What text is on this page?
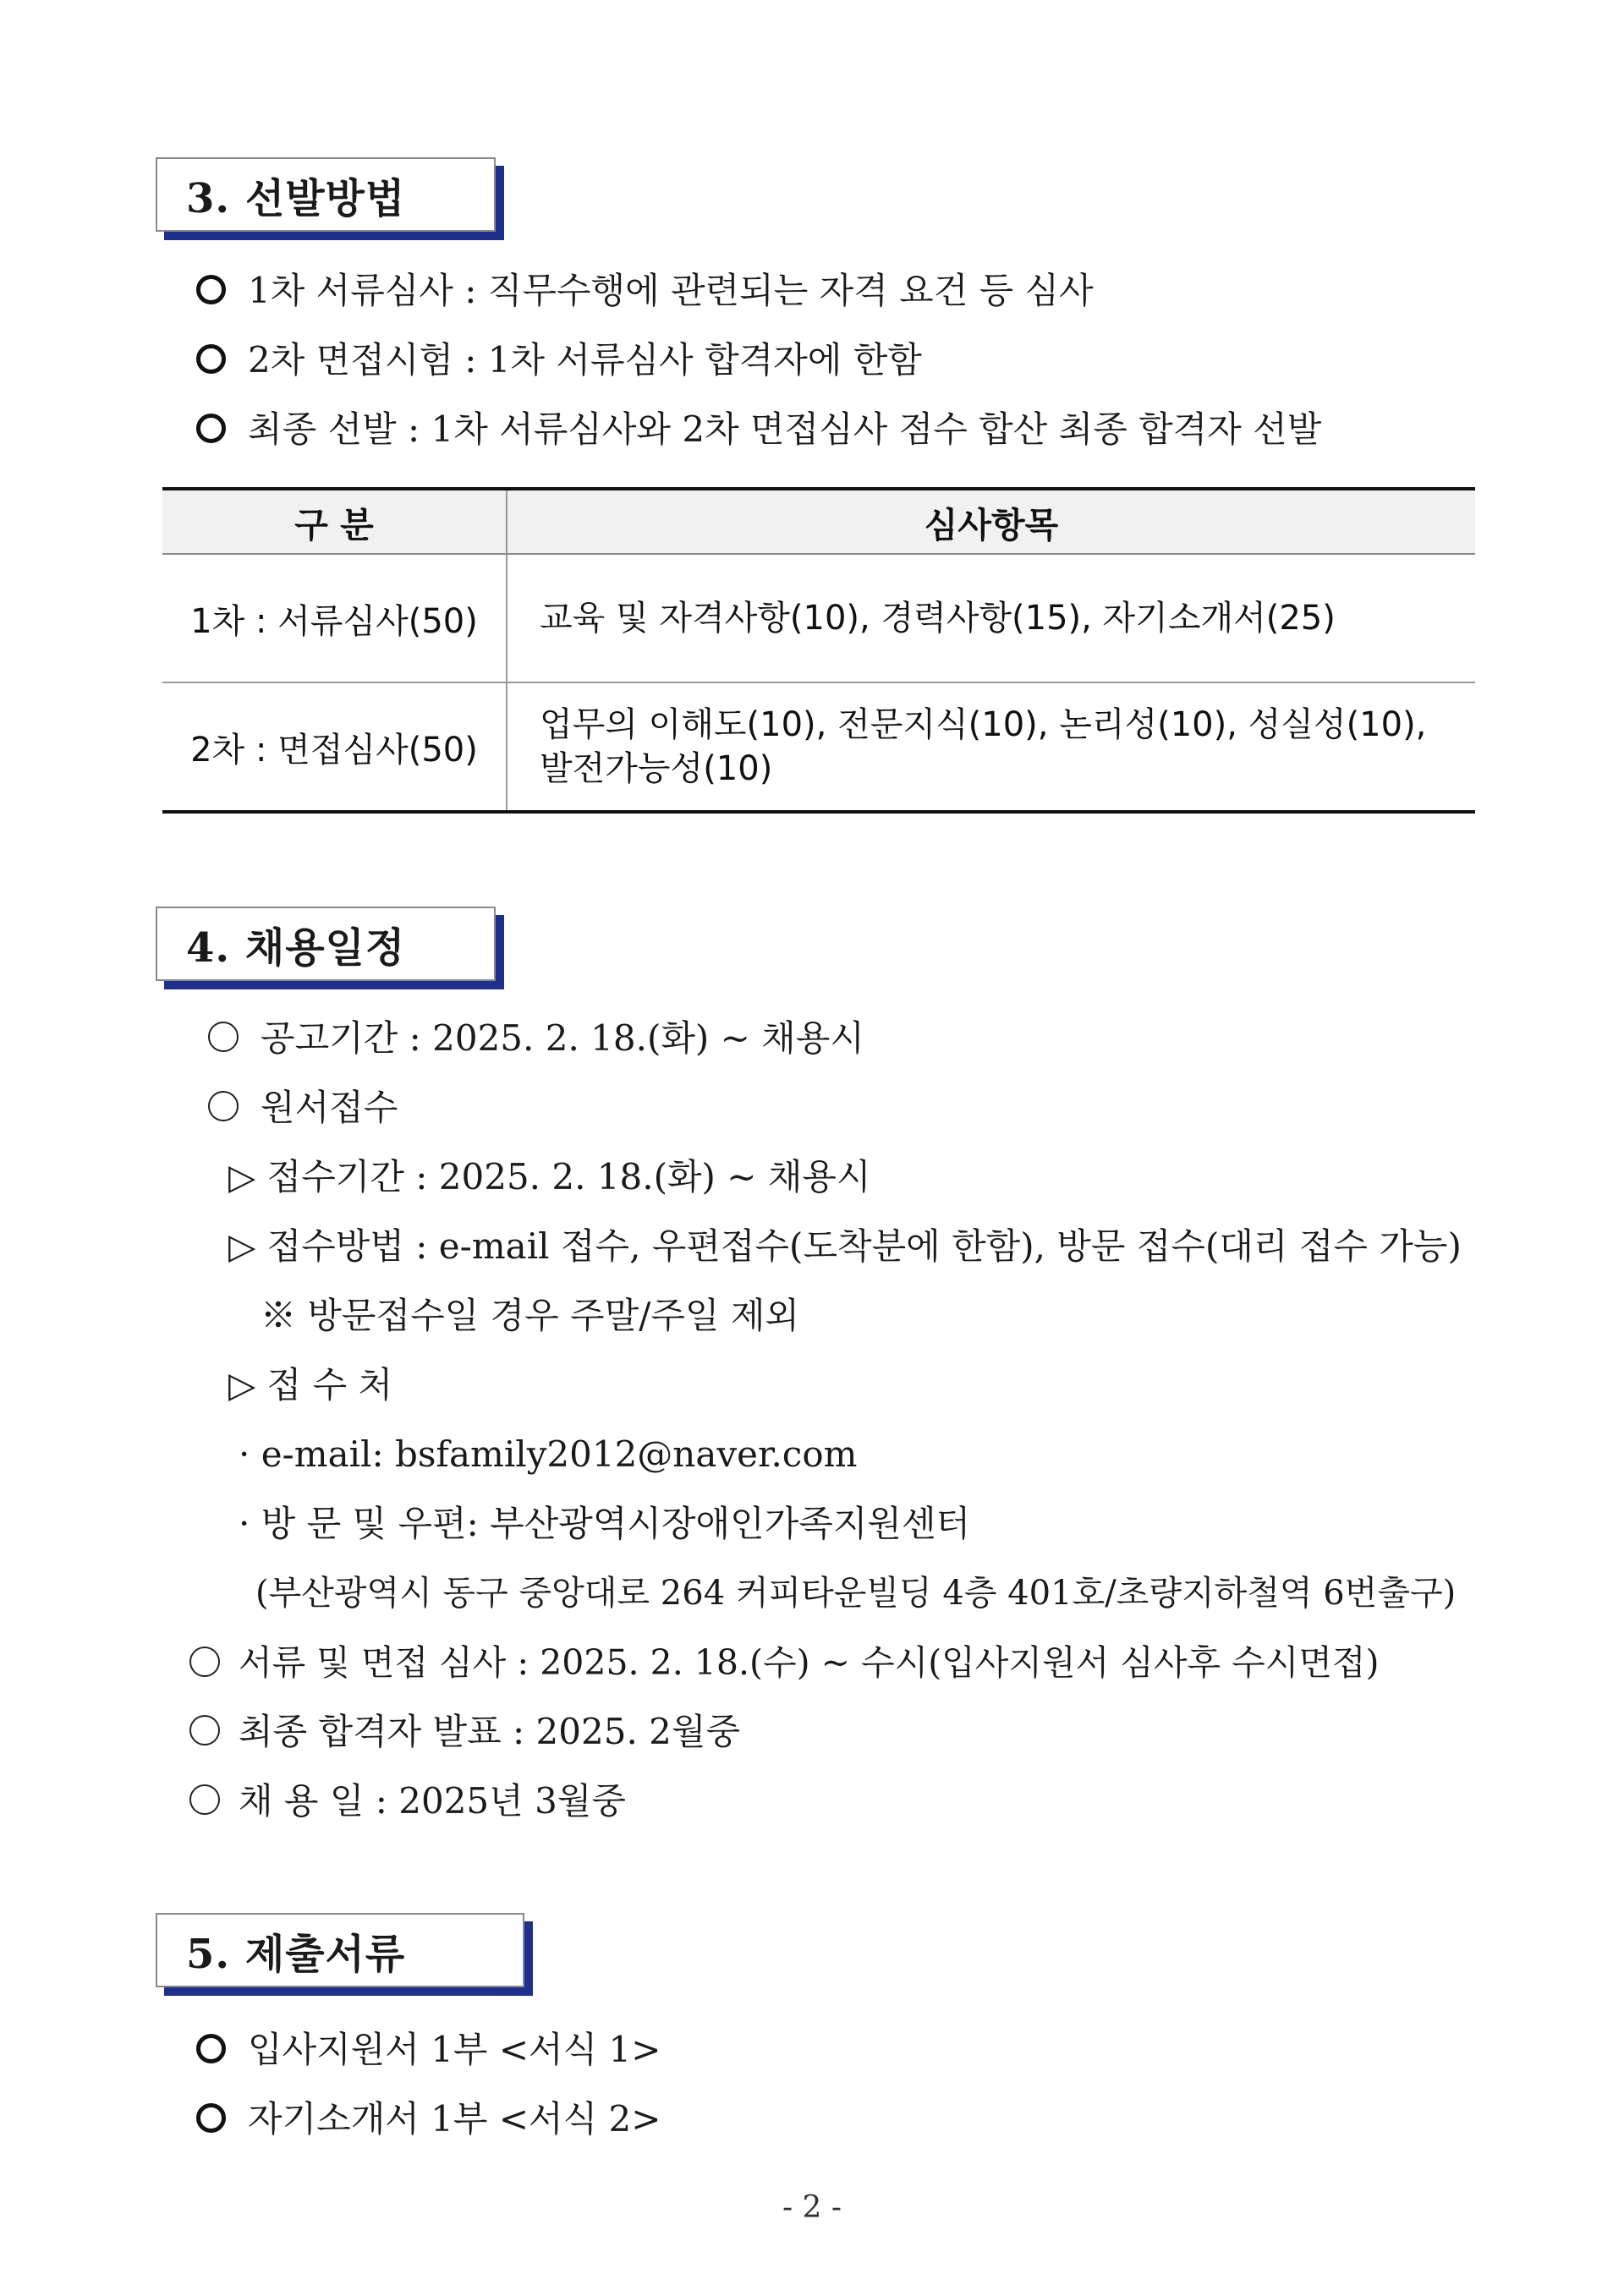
3. 선발방법
1차 서류심사 : 직무수행에 관련되는 자격 요건 등 심사
2차 면접시험 : 1차 서류심사 합격자에 한함
최종 선발 : 1차 서류심사와 2차 면접심사 점수 합산 최종 합격자 선발
구 분	심사항목
1차 : 서류심사(50)	교육 및 자격사항(10), 경력사항(15), 자기소개서(25)

2차 : 면접심사(50)	업무의 이해도(10), 전문지식(10), 논리성(10), 성실성(10),
발전가능성(10)
4. 채용일정
공고기간 : 2025. 2. 18.(화) ~ 채용시
원서접수
▷ 접수기간 : 2025. 2. 18.(화) ~ 채용시
▷ 접수방법 : e-mail 접수, 우편접수(도착분에 한함), 방문 접수(대리 접수 가능)
※ 방문접수일 경우 주말/주일 제외
▷ 접 수 처
· e-mail: bsfamily2012@naver.com
· 방 문 및 우편: 부산광역시장애인가족지원센터
(부산광역시 동구 중앙대로 264 커피타운빌딩 4층 401호/초량지하철역 6번출구)
서류 및 면접 심사 : 2025. 2. 18.(수) ~ 수시(입사지원서 심사후 수시면접)
최종 합격자 발표 : 2025. 2월중
채 용 일 : 2025년 3월중
5. 제출서류
입사지원서 1부 <서식 1>
자기소개서 1부 <서식 2>
- 2 -
